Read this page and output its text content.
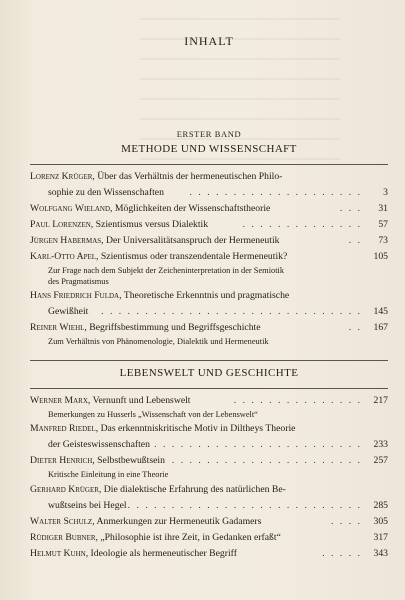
INHALT
ERSTER BAND
METHODE UND WISSENSCHAFT
Lorenz Krüger, Über das Verhältnis der hermeneutischen Philo-
sophie zu den Wissenschaften	. . . . . . . . . . . . . . . . . . . . 3
Wolfgang Wieland, Möglichkeiten der Wissenschaftstheorie	. . . 31
Paul Lorenzen, Szientismus versus Dialektik	. . . . . . . . . . . . . . 57
Jürgen Habermas, Der Universalitätsanspruch der Hermeneutik	. . 73
Karl-Otto Apel, Szientismus oder transzendentale Hermeneutik?	105
Zur Frage nach dem Subjekt der Zeicheninterpretation in der Semiotik
des Pragmatismus
Hans Friedrich Fulda, Theoretische Erkenntnis und pragmatische
Gewißheit . . . . . . . . . . . . . . . . . . . . . . . . . . . . . . 145
Reiner Wiehl, Begriffsbestimmung und Begriffsgeschichte	. . 167
Zum Verhältnis von Phänomenologie, Dialektik und Hermeneutik
LEBENSWELT UND GESCHICHTE
Werner Marx, Vernunft und Lebenswelt	. . . . . . . . . . . . . . . 217
Bemerkungen zu Husserls „Wissenschaft von der Lebenswelt“
Manfred Riedel, Das erkenntniskritische Motiv in Diltheys Theorie
der Geisteswissenschaften . . . . . . . . . . . . . . . . . . . . . . . . 233
Dieter Henrich, Selbstbewußtsein . . . . . . . . . . . . . . . . . . . . . . 257
Kritische Einleitung in eine Theorie
Gerhard Krüger, Die dialektische Erfahrung des natürlichen Be-
wußtseins bei Hegel . . . . . . . . . . . . . . . . . . . . . . . . . . . 285
Walter Schulz, Anmerkungen zur Hermeneutik Gadamers	. . . . 305
Rüdiger Bubner, „Philosophie ist ihre Zeit, in Gedanken erfaßt“	317
Helmut Kuhn, Ideologie als hermeneutischer Begriff	. . . . . 343
